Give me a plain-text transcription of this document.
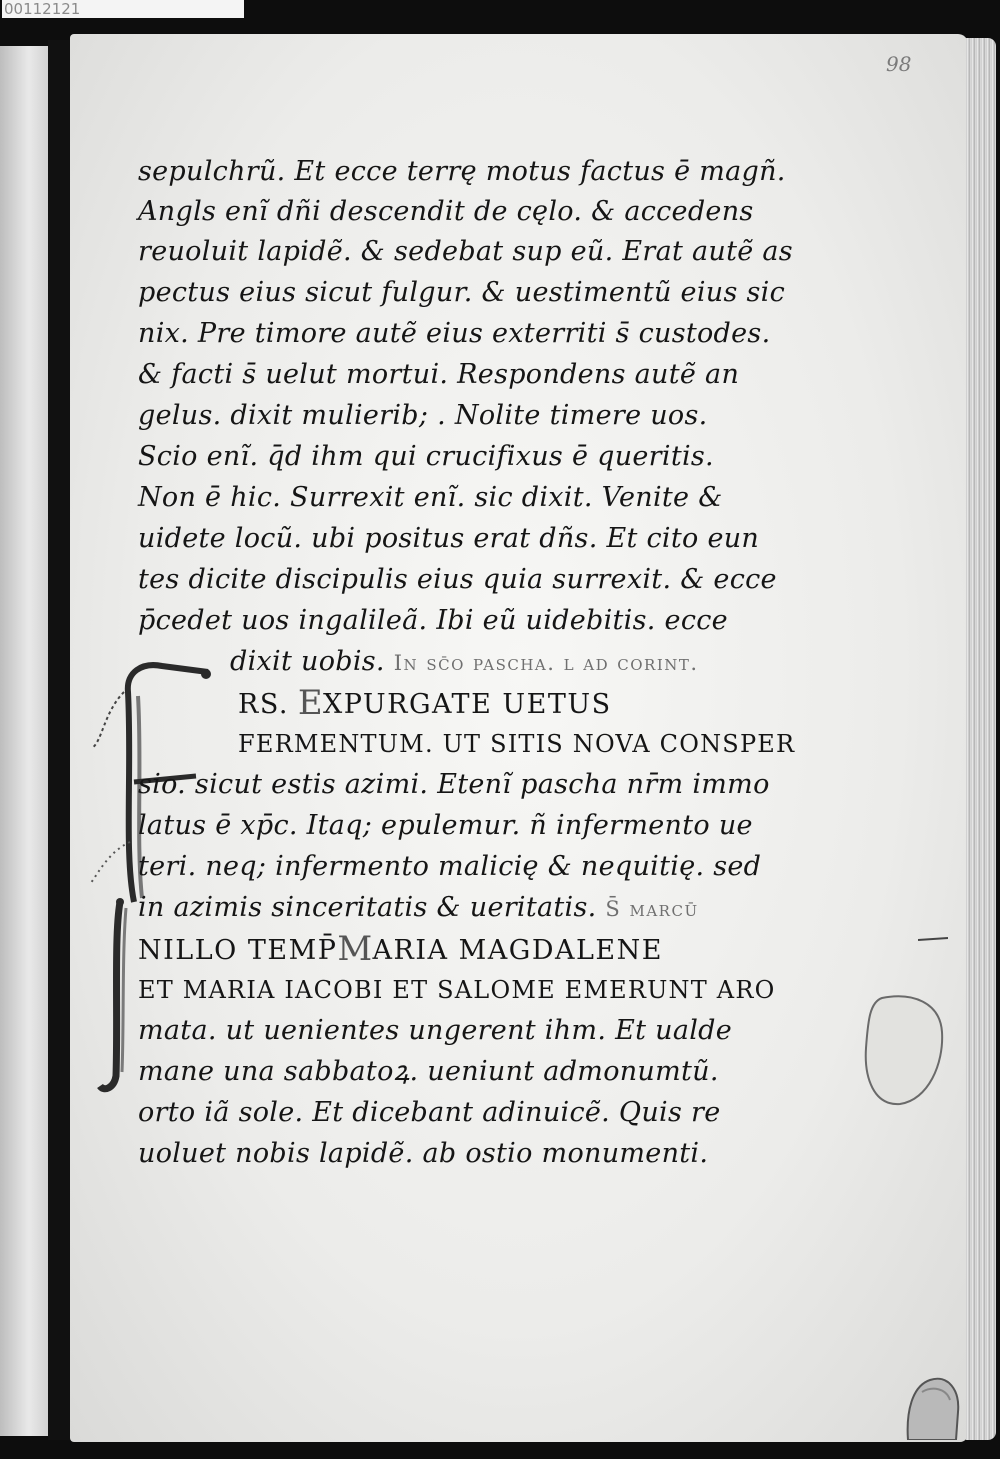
00112121
98
sepulchrũ. Et ecce terrę motus factus ē magñ.
Angls enĩ dñi descendit de cęlo. & accedens
reuoluit lapidẽ. & sedebat sup eũ. Erat autẽ as
pectus eius sicut fulgur. & uestimentũ eius sic
nix. Pre timore autẽ eius exterriti s̄ custodes.
& facti s̄ uelut mortui. Respondens autẽ an
gelus. dixit mulierib; . Nolite timere uos.
Scio enĩ. q̄d ihm qui crucifixus ē queritis.
Non ē hic. Surrexit enĩ. sic dixit. Venite &
uidete locũ. ubi positus erat dñs. Et cito eun
tes dicite discipulis eius quia surrexit. & ecce
p̄cedet uos ingalileã. Ibi eũ uidebitis. ecce
dixit uobis. In sc̄o pascha. l ad corint.
RS. EXPURGATE UETUS
FERMENTUM. UT SITIS NOVA CONSPER
sio. sicut estis azimi. Etenĩ pascha nr̄m immo
latus ē xp̄c. Itaq; epulemur. ñ infermento ue
teri. neq; infermento malicię & nequitię. sed
in azimis sinceritatis & ueritatis. S̄ marcū
NILLO TEMP̄MARIA MAGDALENE
ET MARIA IACOBI ET SALOME EMERUNT ARO
mata. ut uenientes ungerent ihm. Et ualde
mane una sabbatoꝝ. ueniunt admonumtũ.
orto iã sole. Et dicebant adinuicẽ. Quis re
uoluet nobis lapidẽ. ab ostio monumenti.
